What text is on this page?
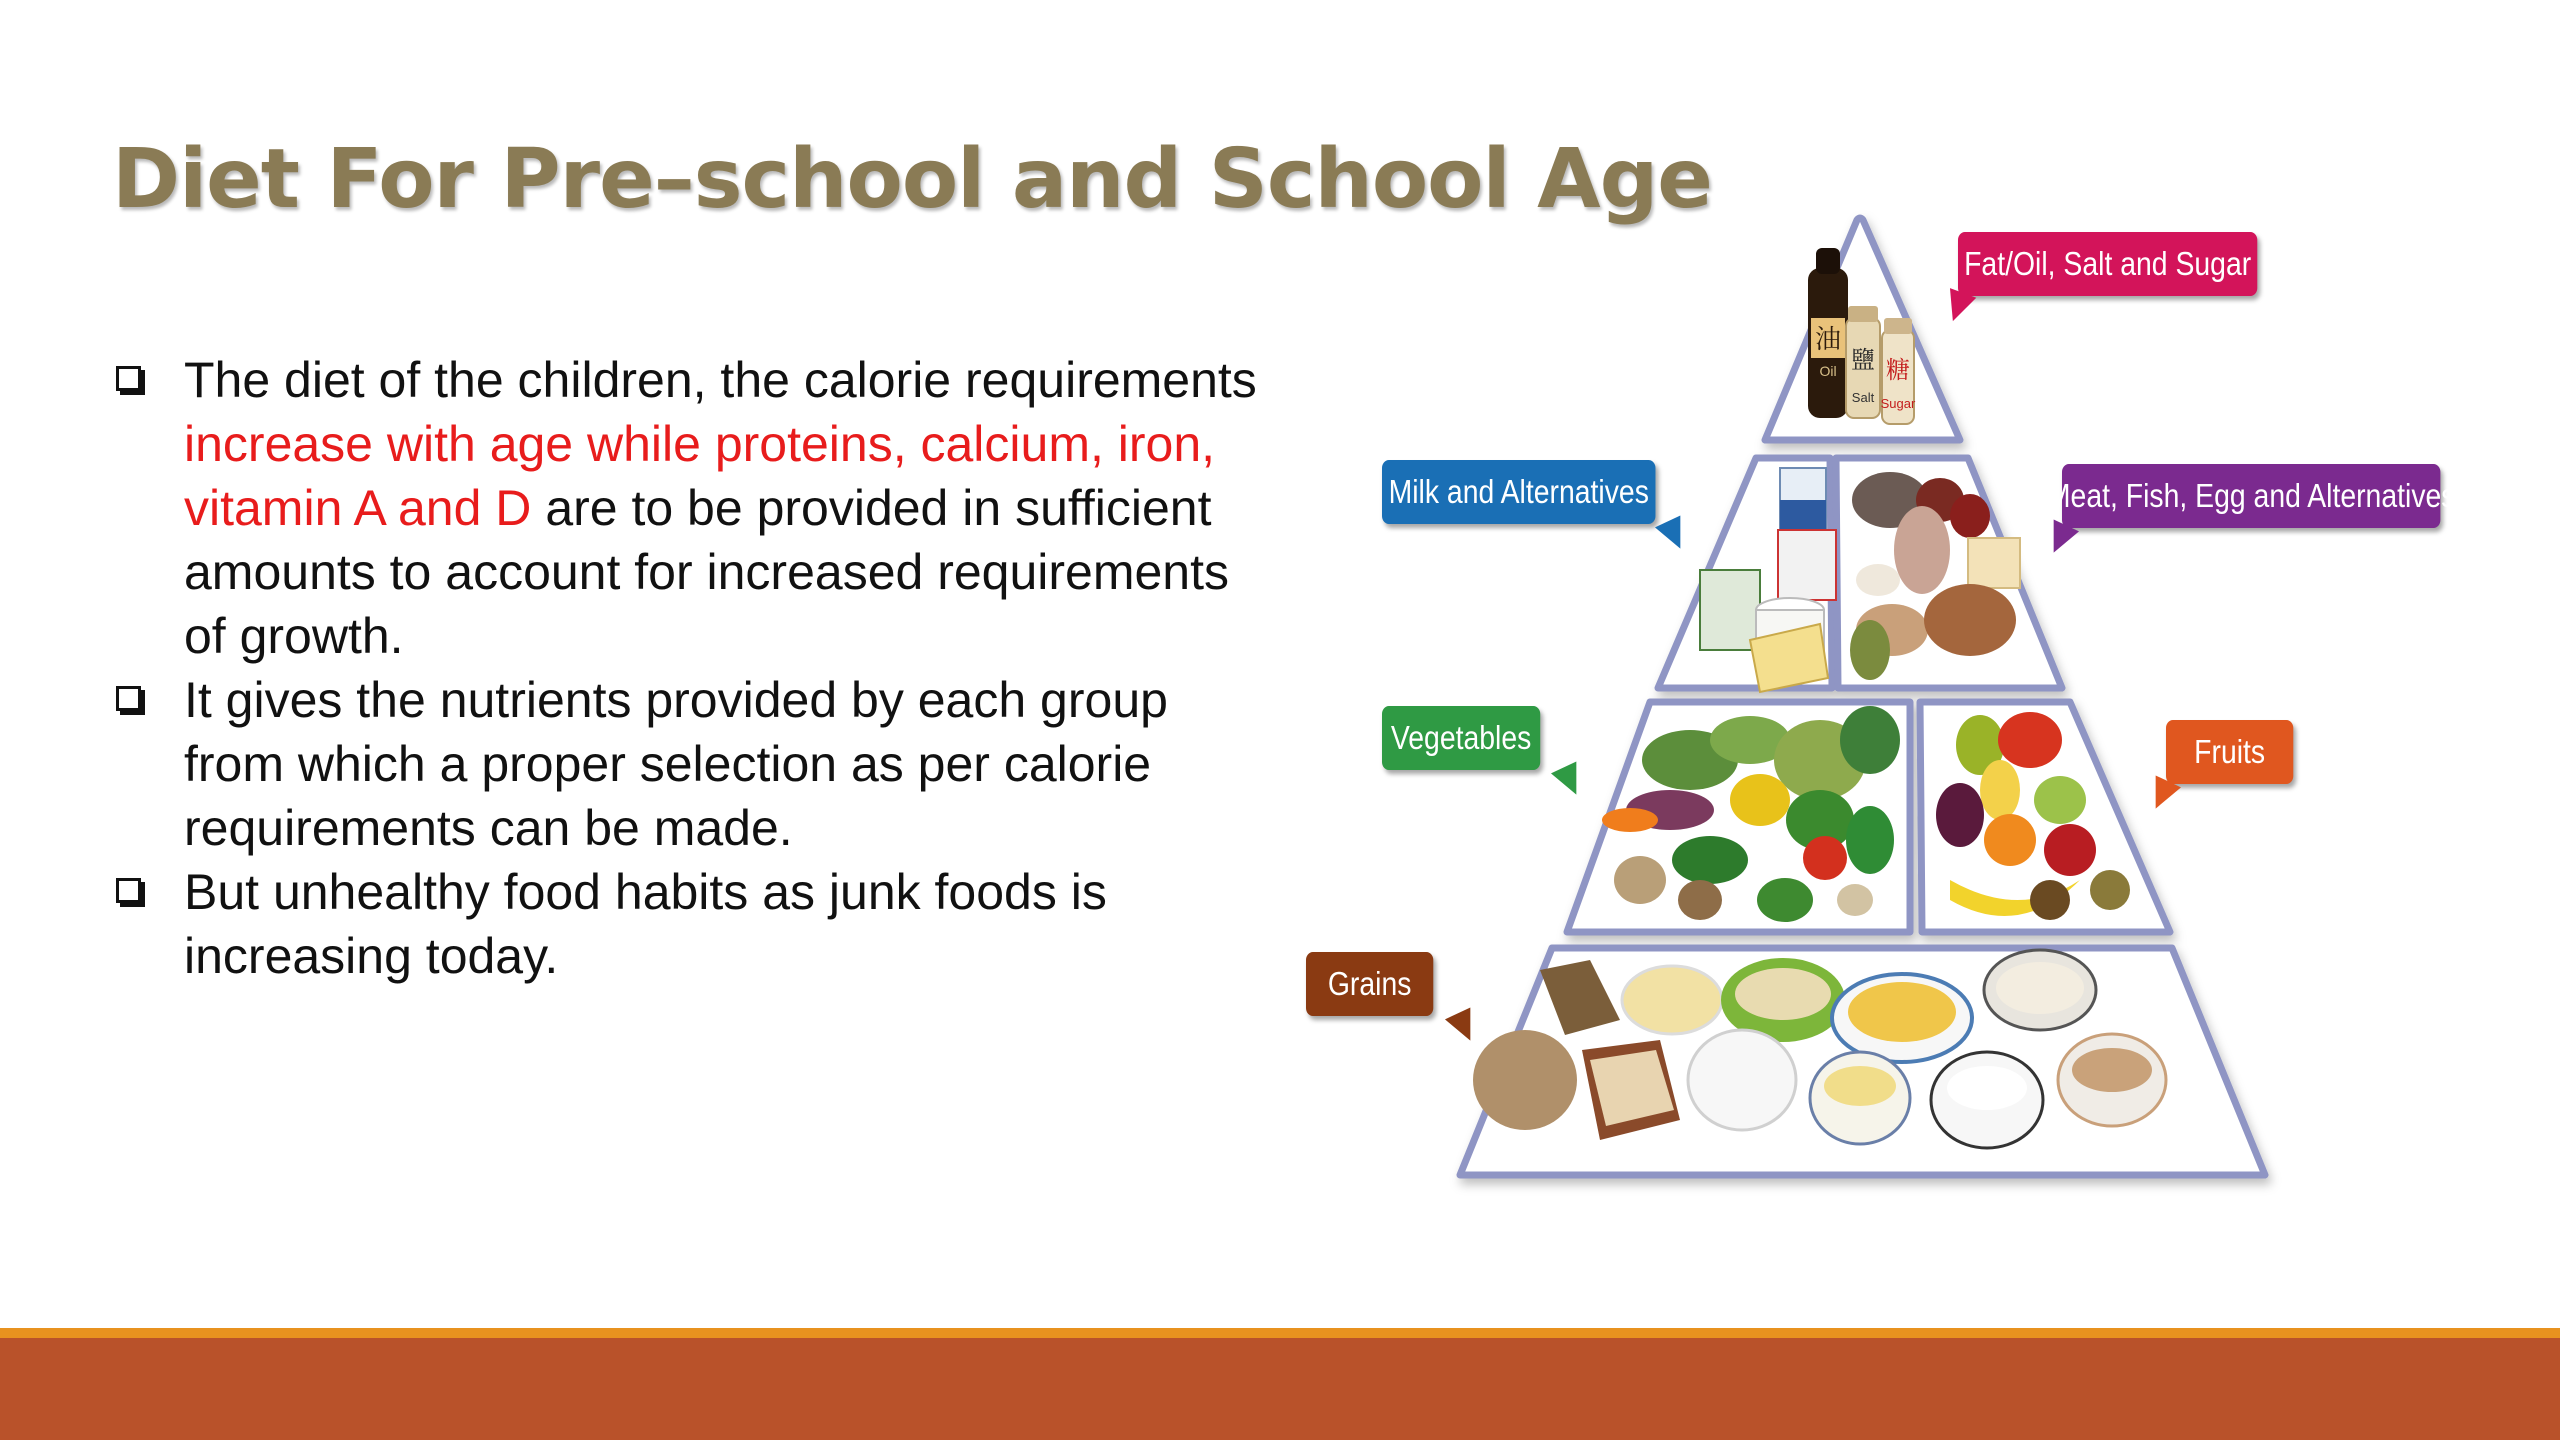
Diet For Pre–school and School Age
The diet of the children, the calorie requirements increase with age while proteins, calcium, iron, vitamin A and D are to be provided in sufficient amounts to account for increased requirements of growth.
It gives the nutrients provided by each group from which a proper selection as per calorie requirements can be made.
But unhealthy food habits as junk foods is increasing today.
油
Oil 鹽
Salt
糖
Sugar
Fat/Oil, Salt and Sugar
Milk and Alternatives	Meat, Fish, Egg and Alternatives
Vegetables	Fruits
Grains
